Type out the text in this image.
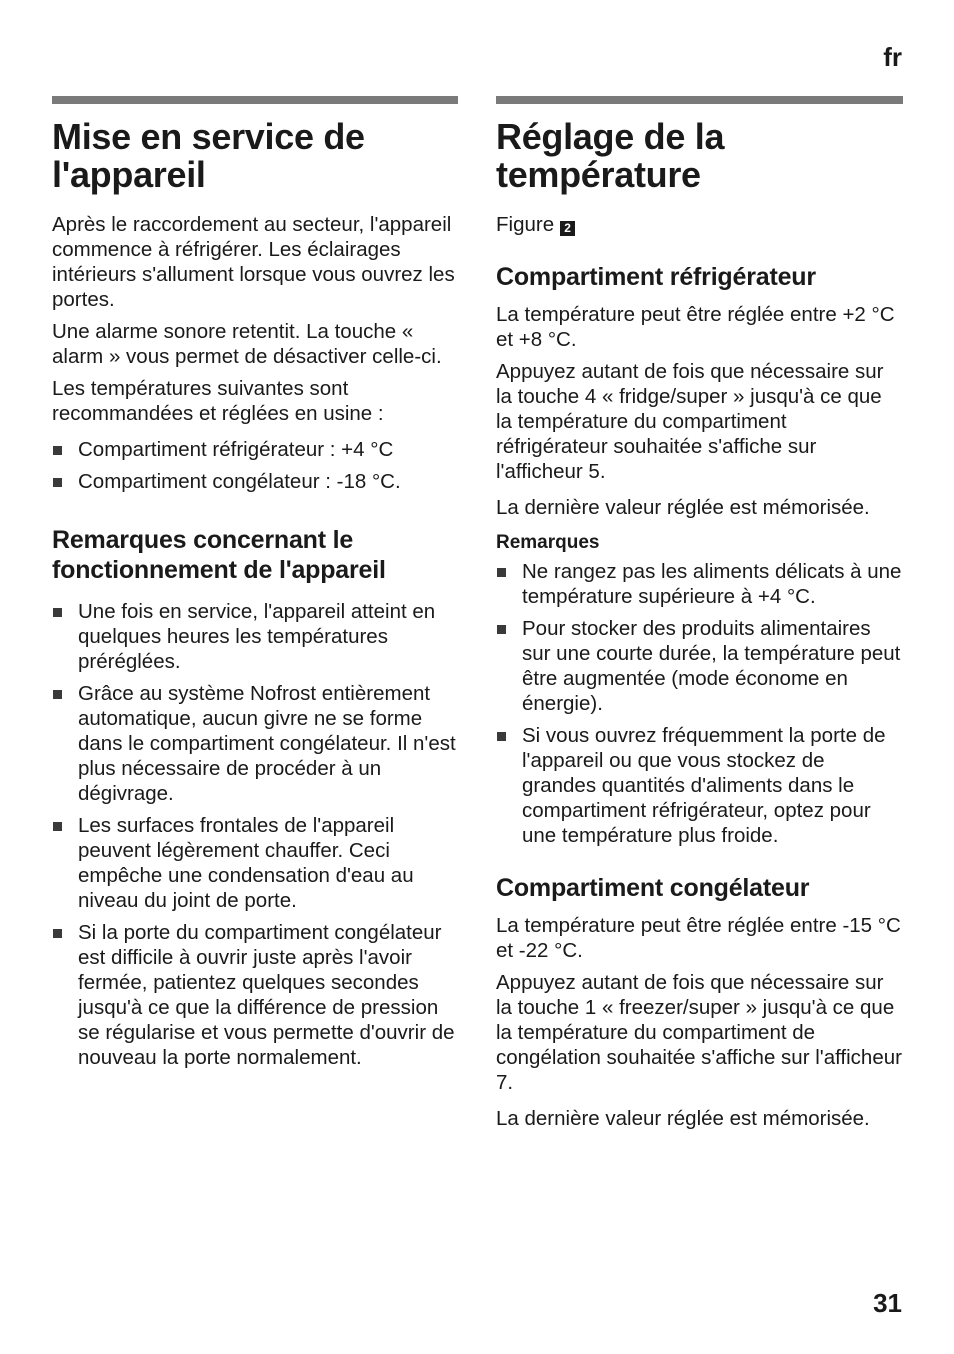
fr
Mise en service de l'appareil

Après le raccordement au secteur, l'appareil commence à réfrigérer. Les éclairages intérieurs s'allument lorsque vous ouvrez les portes.

Une alarme sonore retentit. La touche « alarm » vous permet de désactiver celle-ci.

Les températures suivantes sont recommandées et réglées en usine :

Compartiment réfrigérateur : +4 °C
Compartiment congélateur : -18 °C.
Remarques concernant le fonctionnement de l'appareil
Une fois en service, l'appareil atteint en quelques heures les températures préréglées.
Grâce au système Nofrost entièrement automatique, aucun givre ne se forme dans le compartiment congélateur. Il n'est plus nécessaire de procéder à un dégivrage.
Les surfaces frontales de l'appareil peuvent légèrement chauffer. Ceci empêche une condensation d'eau au niveau du joint de porte.
Si la porte du compartiment congélateur est difficile à ouvrir juste après l'avoir fermée, patientez quelques secondes jusqu'à ce que la différence de pression se régularise et vous permette d'ouvrir de nouveau la porte normalement.
Réglage de la température

Figure 2

Compartiment réfrigérateur

La température peut être réglée entre +2 °C et +8 °C.

Appuyez autant de fois que nécessaire sur la touche 4 « fridge/super » jusqu'à ce que la température du compartiment réfrigérateur souhaitée s'affiche sur l'afficheur 5.

La dernière valeur réglée est mémorisée.

Remarques
Ne rangez pas les aliments délicats à une température supérieure à +4 °C.
Pour stocker des produits alimentaires sur une courte durée, la température peut être augmentée (mode économe en énergie).
Si vous ouvrez fréquemment la porte de l'appareil ou que vous stockez de grandes quantités d'aliments dans le compartiment réfrigérateur, optez pour une température plus froide.
Compartiment congélateur

La température peut être réglée entre -15 °C et -22 °C.

Appuyez autant de fois que nécessaire sur la touche 1 « freezer/super » jusqu'à ce que la température du compartiment de congélation souhaitée s'affiche sur l'afficheur 7.

La dernière valeur réglée est mémorisée.

31
